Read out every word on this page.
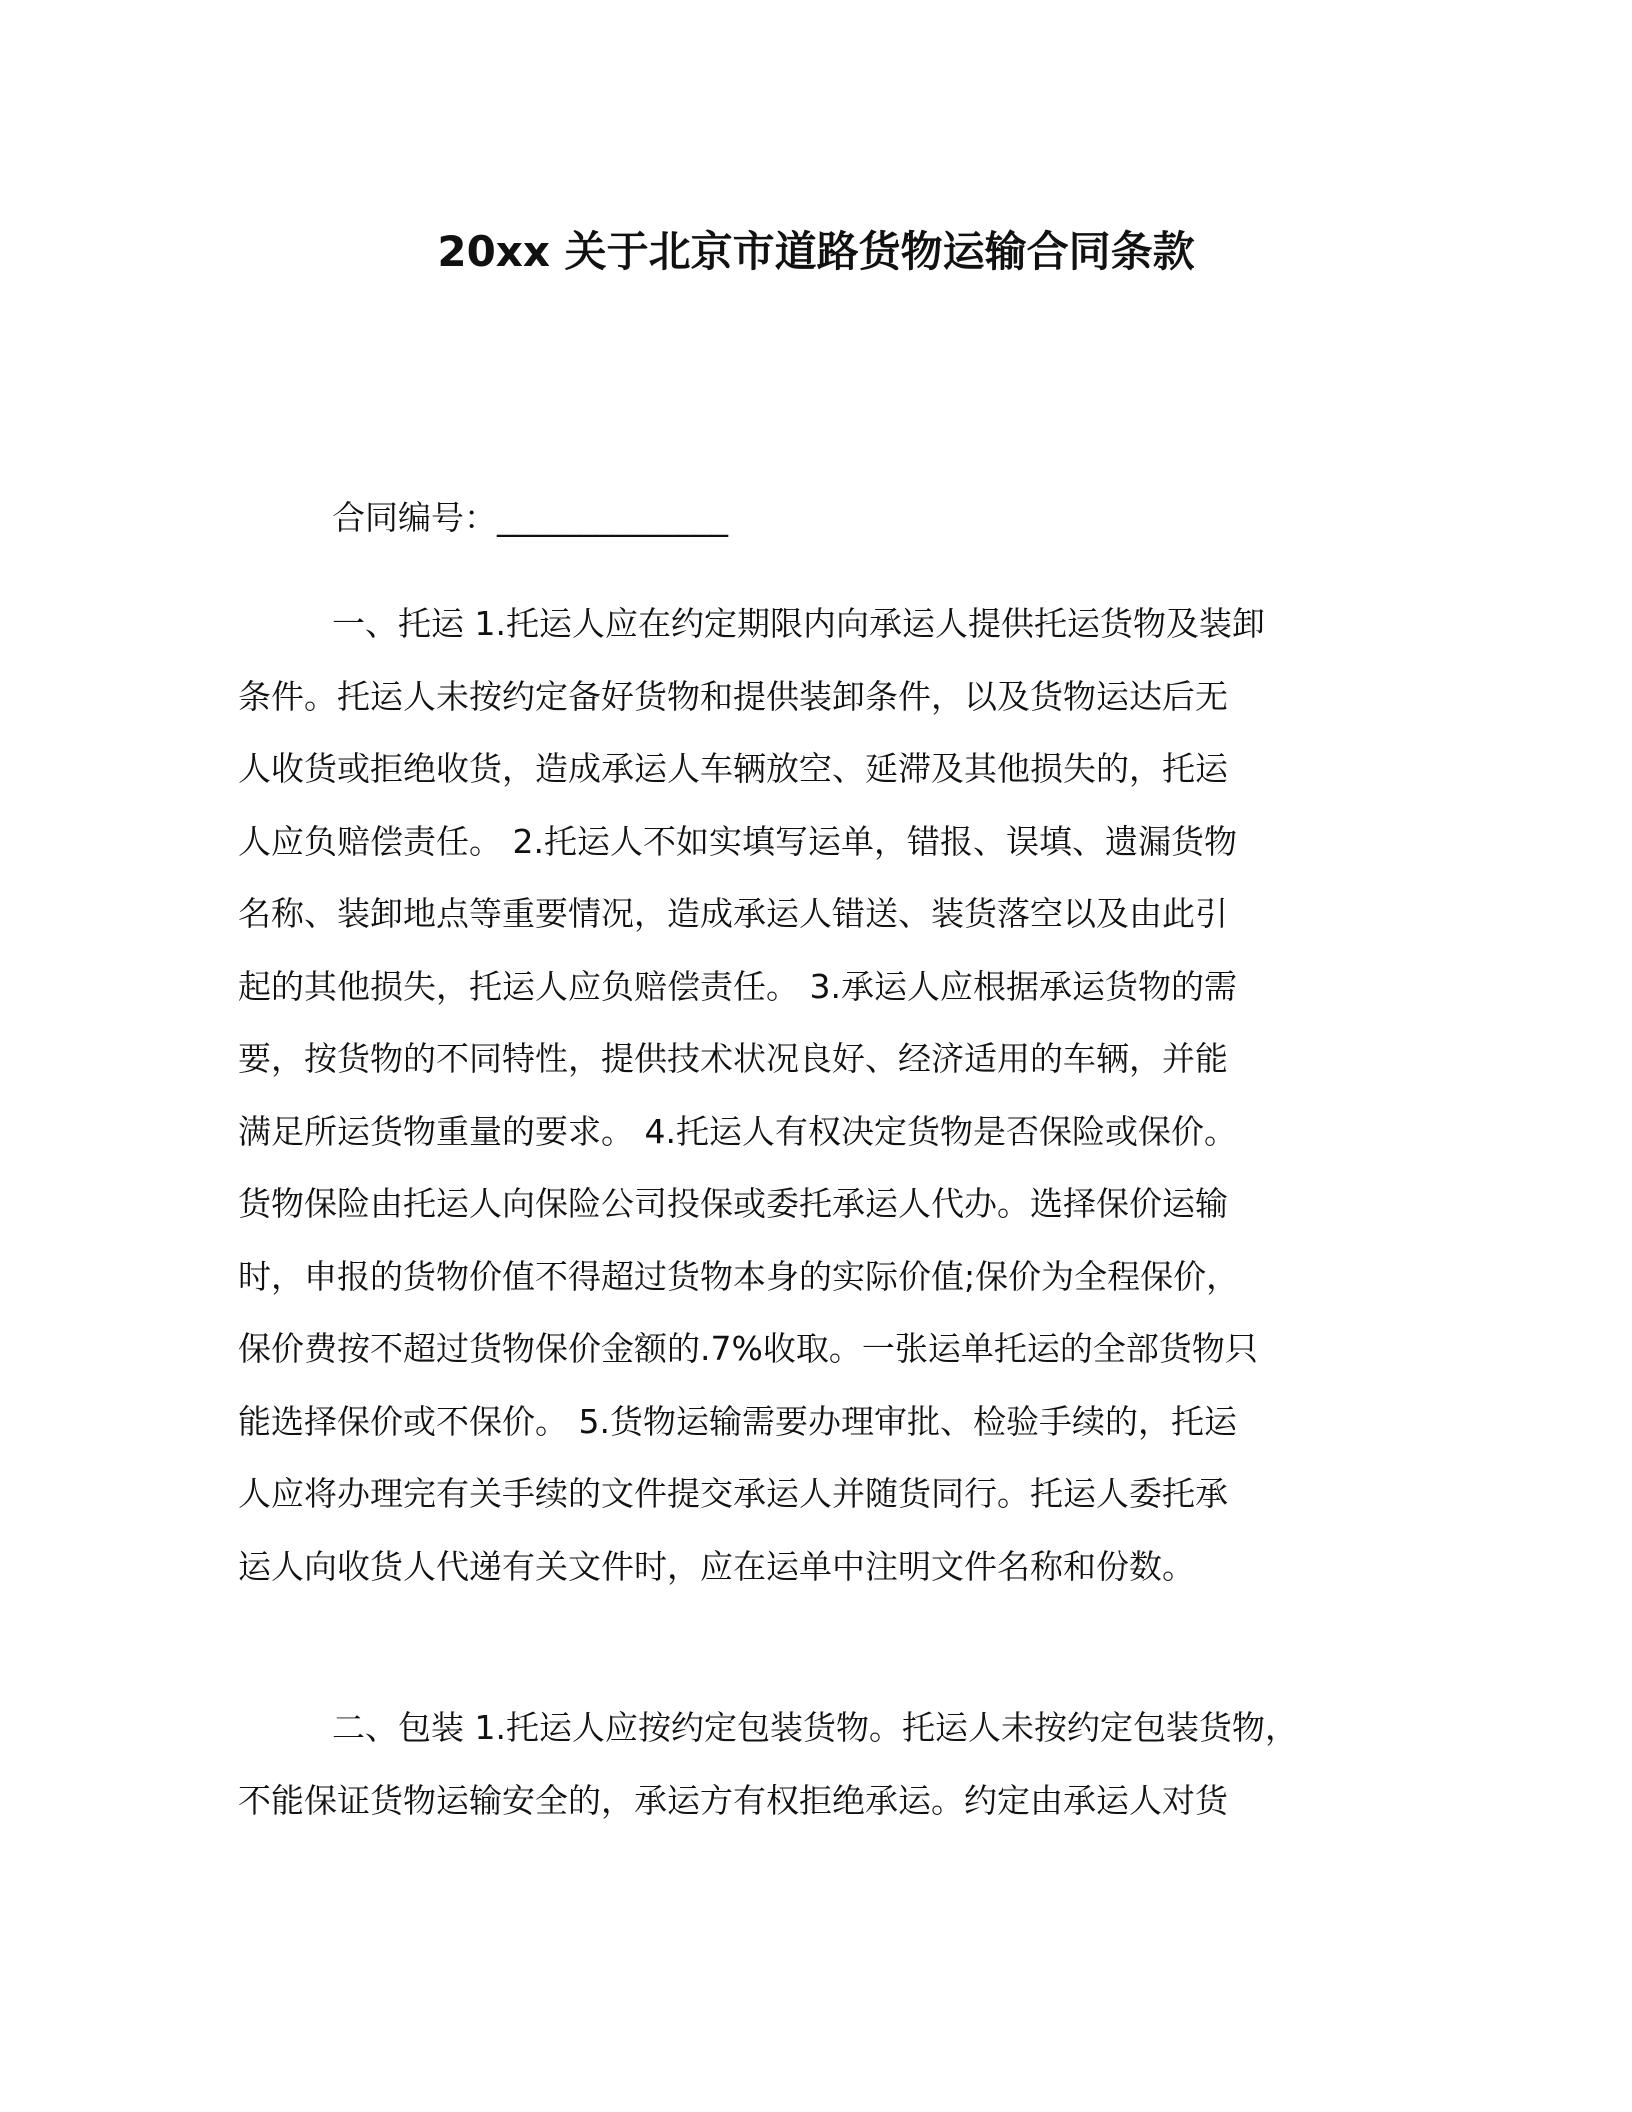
20xx 关于北京市道路货物运输合同条款
合同编号：______________
一、托运 1.托运人应在约定期限内向承运人提供托运货物及装卸
条件。托运人未按约定备好货物和提供装卸条件，以及货物运达后无
人收货或拒绝收货，造成承运人车辆放空、延滞及其他损失的，托运
人应负赔偿责任。 2.托运人不如实填写运单，错报、误填、遗漏货物
名称、装卸地点等重要情况，造成承运人错送、装货落空以及由此引
起的其他损失，托运人应负赔偿责任。 3.承运人应根据承运货物的需
要，按货物的不同特性，提供技术状况良好、经济适用的车辆，并能
满足所运货物重量的要求。 4.托运人有权决定货物是否保险或保价。
货物保险由托运人向保险公司投保或委托承运人代办。选择保价运输
时，申报的货物价值不得超过货物本身的实际价值;保价为全程保价，
保价费按不超过货物保价金额的.7%收取。一张运单托运的全部货物只
能选择保价或不保价。 5.货物运输需要办理审批、检验手续的，托运
人应将办理完有关手续的文件提交承运人并随货同行。托运人委托承
运人向收货人代递有关文件时，应在运单中注明文件名称和份数。
二、包装 1.托运人应按约定包装货物。托运人未按约定包装货物，
不能保证货物运输安全的，承运方有权拒绝承运。约定由承运人对货
